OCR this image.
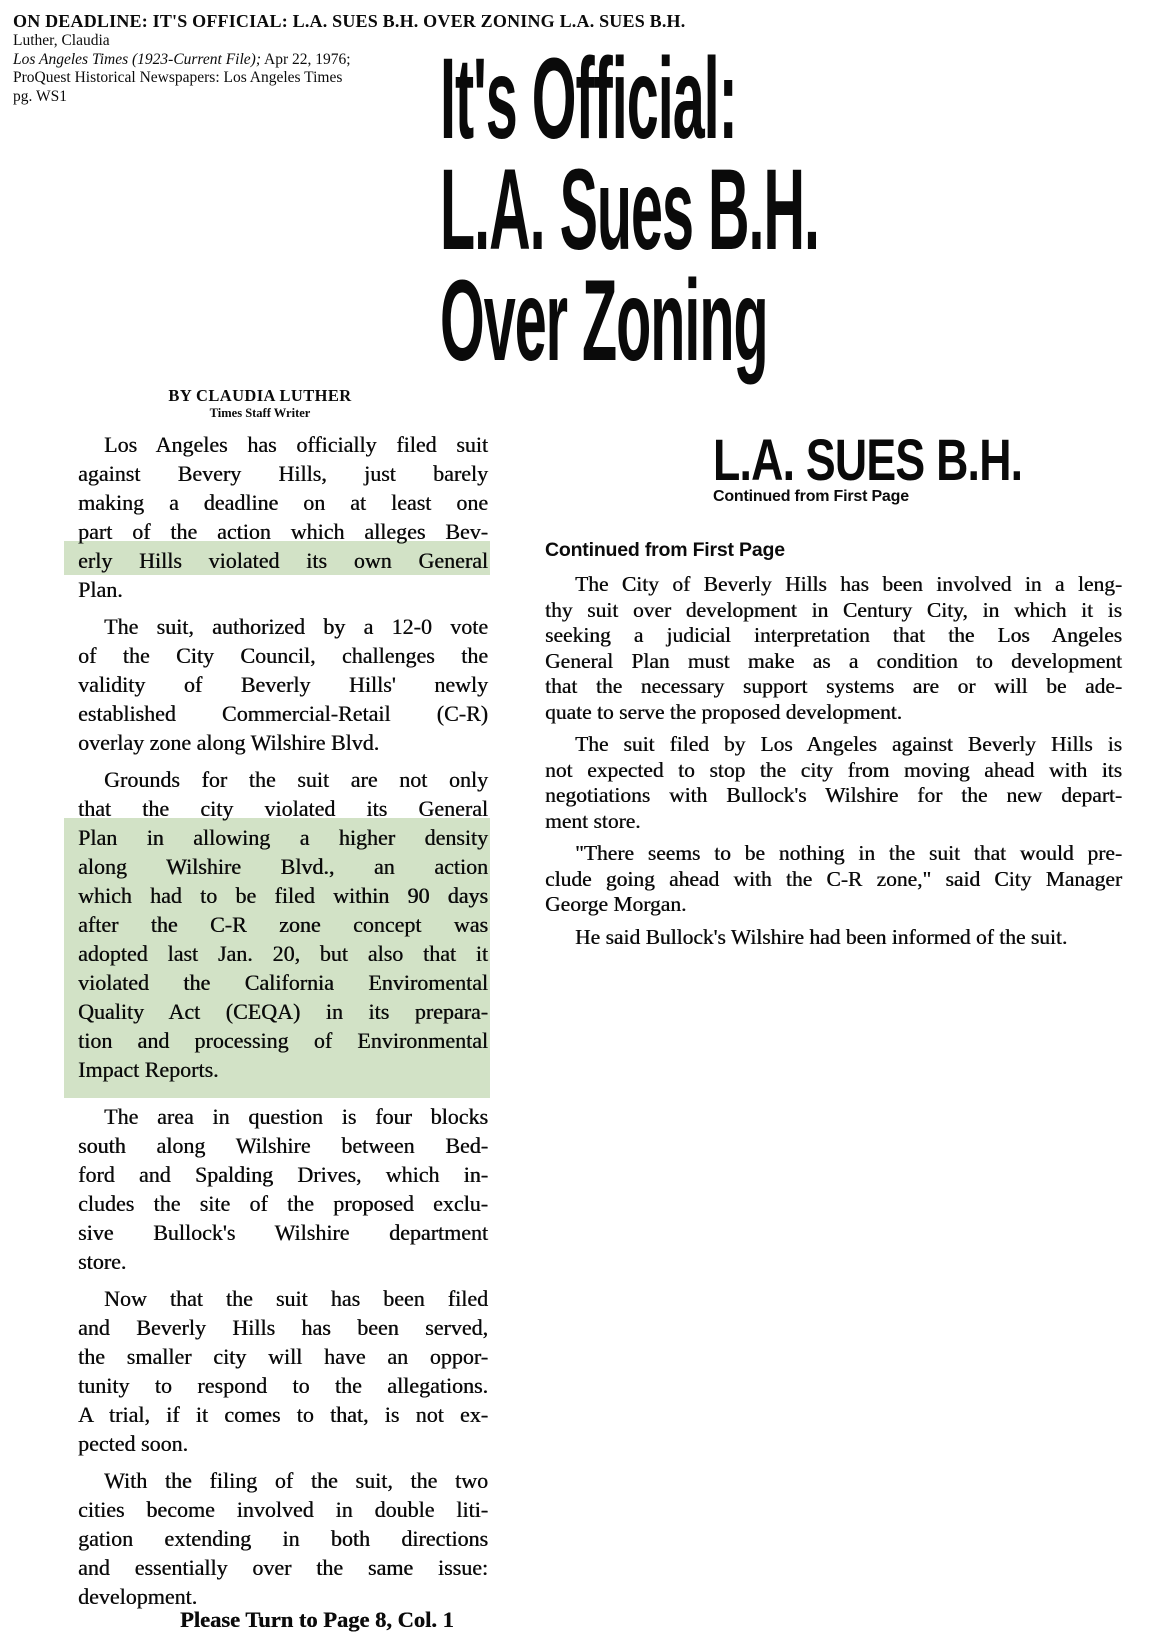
ON DEADLINE: IT'S OFFICIAL: L.A. SUES B.H. OVER ZONING L.A. SUES B.H.
Luther, Claudia
Los Angeles Times (1923-Current File); Apr 22, 1976;
ProQuest Historical Newspapers: Los Angeles Times
pg. WS1	It's Official:
L.A. Sues B.H.
Over Zoning
BY CLAUDIA LUTHER
Times Staff Writer
Los Angeles has officially filed suit
against Bevery Hills, just barely
making a deadline on at least one
part of the action which alleges Bev-
erly Hills violated its own General
Plan.
The suit, authorized by a 12-0 vote
of the City Council, challenges the
validity of Beverly Hills' newly
established Commercial-Retail (C-R)
overlay zone along Wilshire Blvd.
Grounds for the suit are not only
that the city violated its General
Plan in allowing a higher density
along Wilshire Blvd., an action
which had to be filed within 90 days
after the C-R zone concept was
adopted last Jan. 20, but also that it
violated the California Enviromental
Quality Act (CEQA) in its prepara-
tion and processing of Environmental
Impact Reports.
The area in question is four blocks
south along Wilshire between Bed-
ford and Spalding Drives, which in-
cludes the site of the proposed exclu-
sive Bullock's Wilshire department
store.
Now that the suit has been filed
and Beverly Hills has been served,
the smaller city will have an oppor-
tunity to respond to the allegations.
A trial, if it comes to that, is not ex-
pected soon.
With the filing of the suit, the two
cities become involved in double liti-
gation extending in both directions
and essentially over the same issue:
development.
Please Turn to Page 8, Col. 1
L.A. SUES B.H.
Continued from First Page
Continued from First Page
The City of Beverly Hills has been involved in a leng-
thy suit over development in Century City, in which it is
seeking a judicial interpretation that the Los Angeles
General Plan must make as a condition to development
that the necessary support systems are or will be ade-
quate to serve the proposed development.
The suit filed by Los Angeles against Beverly Hills is
not expected to stop the city from moving ahead with its
negotiations with Bullock's Wilshire for the new depart-
ment store.
"There seems to be nothing in the suit that would pre-
clude going ahead with the C-R zone," said City Manager
George Morgan.
He said Bullock's Wilshire had been informed of the suit.
